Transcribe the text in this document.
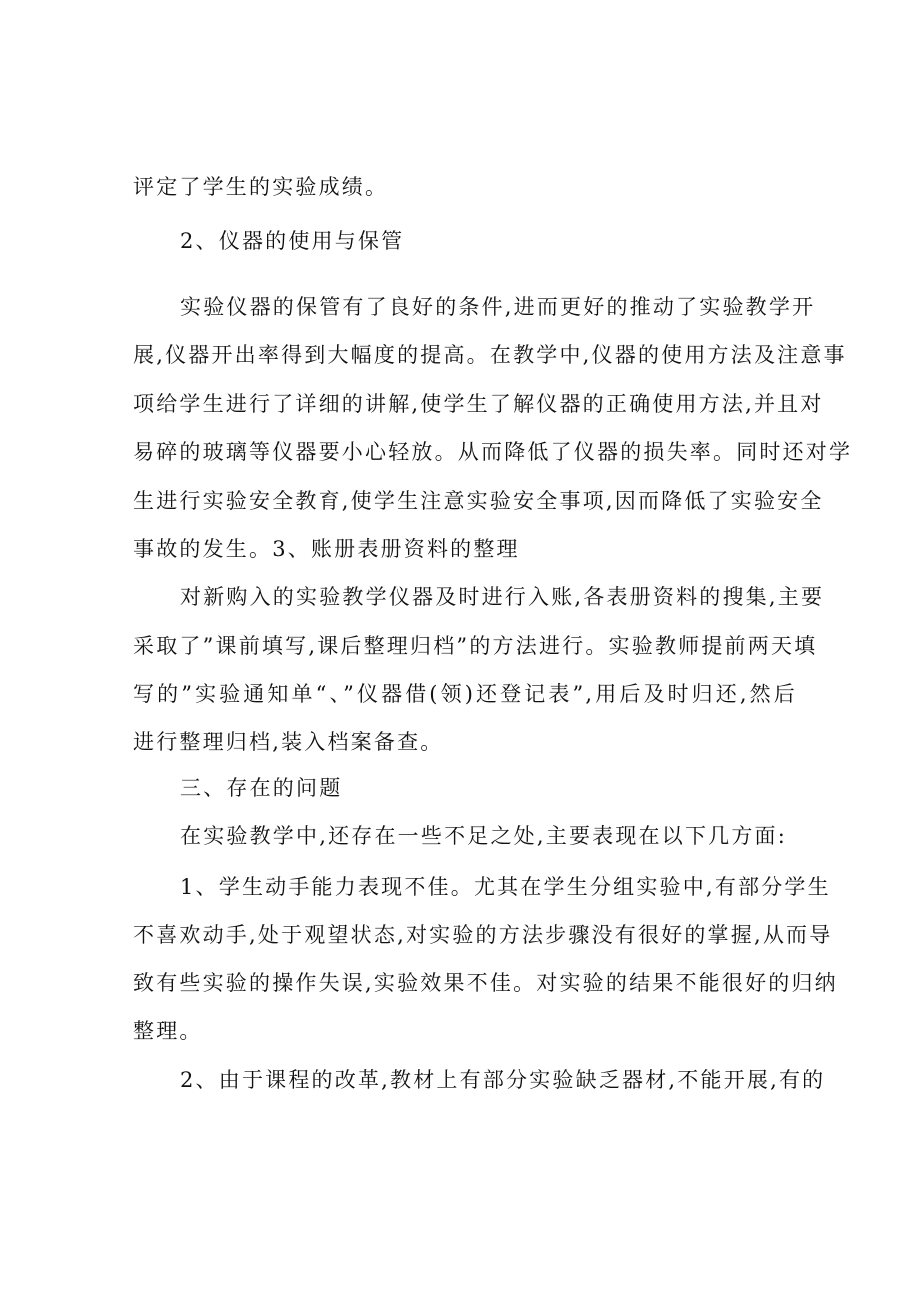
评定了学生的实验成绩。
2、仪器的使用与保管
实验仪器的保管有了良好的条件,进而更好的推动了实验教学开
展,仪器开出率得到大幅度的提高。在教学中,仪器的使用方法及注意事
项给学生进行了详细的讲解,使学生了解仪器的正确使用方法,并且对
易碎的玻璃等仪器要小心轻放。从而降低了仪器的损失率。同时还对学
生进行实验安全教育,使学生注意实验安全事项,因而降低了实验安全
事故的发生。3、账册表册资料的整理
对新购入的实验教学仪器及时进行入账,各表册资料的搜集,主要
采取了”课前填写,课后整理归档”的方法进行。实验教师提前两天填
写的”实验通知单“、”仪器借(领)还登记表”,用后及时归还,然后
进行整理归档,装入档案备查。
三、存在的问题
在实验教学中,还存在一些不足之处,主要表现在以下几方面:
1、学生动手能力表现不佳。尤其在学生分组实验中,有部分学生
不喜欢动手,处于观望状态,对实验的方法步骤没有很好的掌握,从而导
致有些实验的操作失误,实验效果不佳。对实验的结果不能很好的归纳
整理。
2、由于课程的改革,教材上有部分实验缺乏器材,不能开展,有的
